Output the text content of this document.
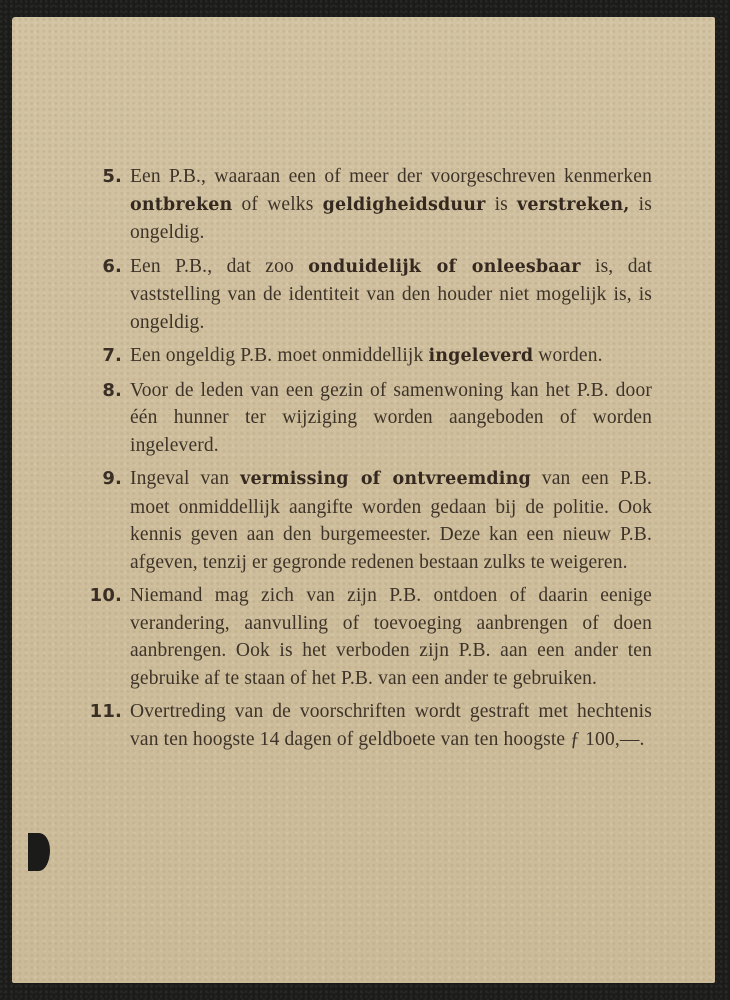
5. Een P.B., waaraan een of meer der voorgeschreven kenmerken ontbreken of welks geldigheidsduur is verstreken, is ongeldig.
6. Een P.B., dat zoo onduidelijk of onleesbaar is, dat vaststelling van de identiteit van den houder niet mogelijk is, is ongeldig.
7. Een ongeldig P.B. moet onmiddellijk ingeleverd worden.
8. Voor de leden van een gezin of samenwoning kan het P.B. door één hunner ter wijziging worden aangeboden of worden ingeleverd.
9. Ingeval van vermissing of ontvreemding van een P.B. moet onmiddellijk aangifte worden gedaan bij de politie. Ook kennis geven aan den burgemeester. Deze kan een nieuw P.B. afgeven, tenzij er gegronde redenen bestaan zulks te weigeren.
10. Niemand mag zich van zijn P.B. ontdoen of daarin eenige verandering, aanvulling of toevoeging aanbrengen of doen aanbrengen. Ook is het verboden zijn P.B. aan een ander ten gebruike af te staan of het P.B. van een ander te gebruiken.
11. Overtreding van de voorschriften wordt gestraft met hechtenis van ten hoogste 14 dagen of geldboete van ten hoogste ƒ 100,—.
